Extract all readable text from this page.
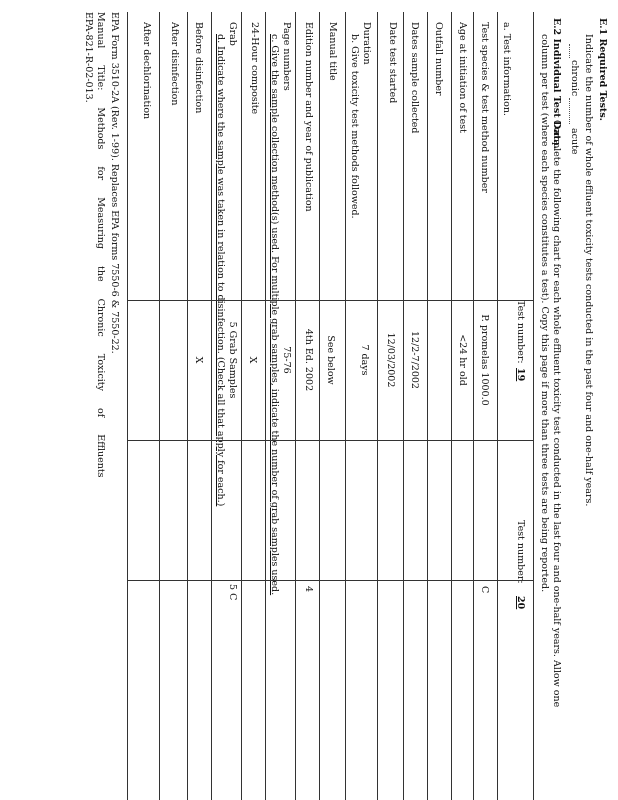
E.1 Required Tests.
Indicate the number of whole effluent toxicity tests conducted in the past four and one-half years.
chronic
acute
E.2 Individual Test Data.
Complete the following chart for each whole effluent toxicity test conducted in the last four and one-half years. Allow one
column per test (where each species constitutes a test). Copy this page if more than three tests are being reported.
Test number:
19
Test number:
20
a. Test information.
Test species & test method number
P. promelas 1000.0
C
Age at initiation of test
<24 hr old
Outfall number
Dates sample collected
12/2-7/2002
Date test started
12/03/2002
Duration
7 days
b. Give toxicity test methods followed.
Manual title
See below
Edition number and year of publication
4th Ed. 2002
4
Page numbers
75-76
c. Give the sample collection method(s) used. For multiple grab samples, indicate the number of grab samples used.
24-Hour composite
X
Grab
5 Grab Samples
5 C
d. Indicate where the sample was taken in relation to disinfection. (Check all that apply for each.)
Before disinfection
X
After disinfection
After dechlorination
EPA Form 3510-2A (Rev. 1-99). Replaces EPA forms 7550-6 & 7550-22.
Manual Title: Methods for Measuring the Chronic Toxicity of Effluents
EPA-821-R-02-013.
